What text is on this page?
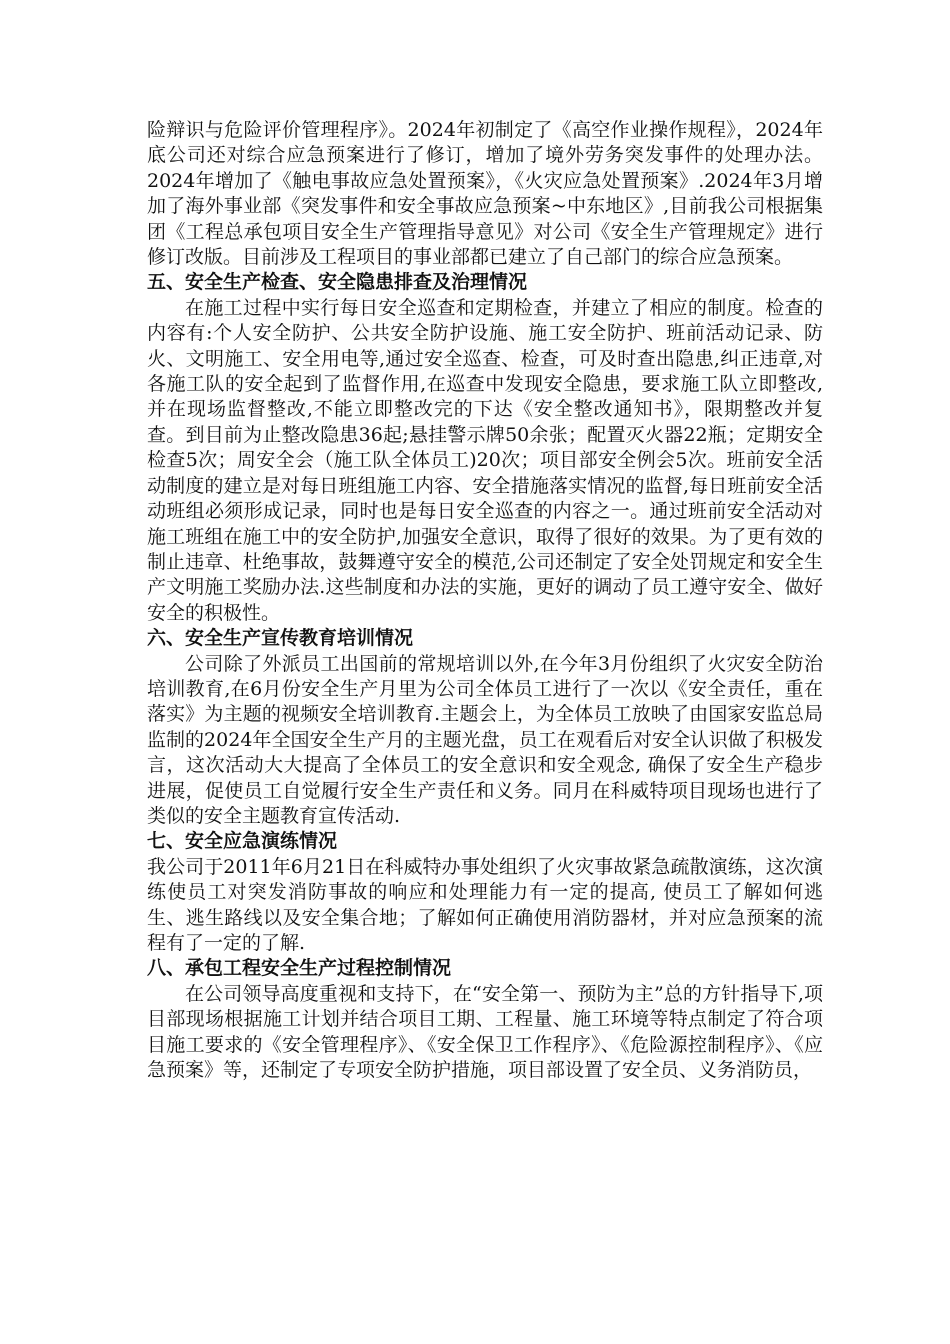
险辩识与危险评价管理程序》。2024年初制定了《高空作业操作规程》，2024年底公司还对综合应急预案进行了修订，增加了境外劳务突发事件的处理办法。2024年增加了《触电事故应急处置预案》，《火灾应急处置预案》.2024年3月增加了海外事业部《突发事件和安全事故应急预案~中东地区》,目前我公司根据集团《工程总承包项目安全生产管理指导意见》对公司《安全生产管理规定》进行修订改版。目前涉及工程项目的事业部都已建立了自己部门的综合应急预案。

五、安全生产检查、安全隐患排查及治理情况

在施工过程中实行每日安全巡查和定期检查，并建立了相应的制度。检查的内容有:个人安全防护、公共安全防护设施、施工安全防护、班前活动记录、防火、文明施工、安全用电等,通过安全巡查、检查，可及时查出隐患,纠正违章,对各施工队的安全起到了监督作用,在巡查中发现安全隐患，要求施工队立即整改,并在现场监督整改,不能立即整改完的下达《安全整改通知书》，限期整改并复查。到目前为止整改隐患36起;悬挂警示牌50余张；配置灭火器22瓶；定期安全检查5次；周安全会（施工队全体员工)20次；项目部安全例会5次。班前安全活动制度的建立是对每日班组施工内容、安全措施落实情况的监督,每日班前安全活动班组必须形成记录，同时也是每日安全巡查的内容之一。通过班前安全活动对施工班组在施工中的安全防护,加强安全意识，取得了很好的效果。为了更有效的制止违章、杜绝事故，鼓舞遵守安全的模范,公司还制定了安全处罚规定和安全生产文明施工奖励办法.这些制度和办法的实施，更好的调动了员工遵守安全、做好安全的积极性。

六、安全生产宣传教育培训情况

公司除了外派员工出国前的常规培训以外,在今年3月份组织了火灾安全防治培训教育,在6月份安全生产月里为公司全体员工进行了一次以《安全责任，重在落实》为主题的视频安全培训教育.主题会上，为全体员工放映了由国家安监总局监制的2024年全国安全生产月的主题光盘，员工在观看后对安全认识做了积极发言，这次活动大大提高了全体员工的安全意识和安全观念, 确保了安全生产稳步进展，促使员工自觉履行安全生产责任和义务。同月在科威特项目现场也进行了类似的安全主题教育宣传活动.

七、安全应急演练情况

我公司于2011年6月21日在科威特办事处组织了火灾事故紧急疏散演练，这次演练使员工对突发消防事故的响应和处理能力有一定的提高, 使员工了解如何逃生、逃生路线以及安全集合地；了解如何正确使用消防器材，并对应急预案的流程有了一定的了解.

八、承包工程安全生产过程控制情况

在公司领导高度重视和支持下，在“安全第一、预防为主”总的方针指导下,项目部现场根据施工计划并结合项目工期、工程量、施工环境等特点制定了符合项目施工要求的《安全管理程序》、《安全保卫工作程序》、《危险源控制程序》、《应急预案》等，还制定了专项安全防护措施，项目部设置了安全员、义务消防员，
